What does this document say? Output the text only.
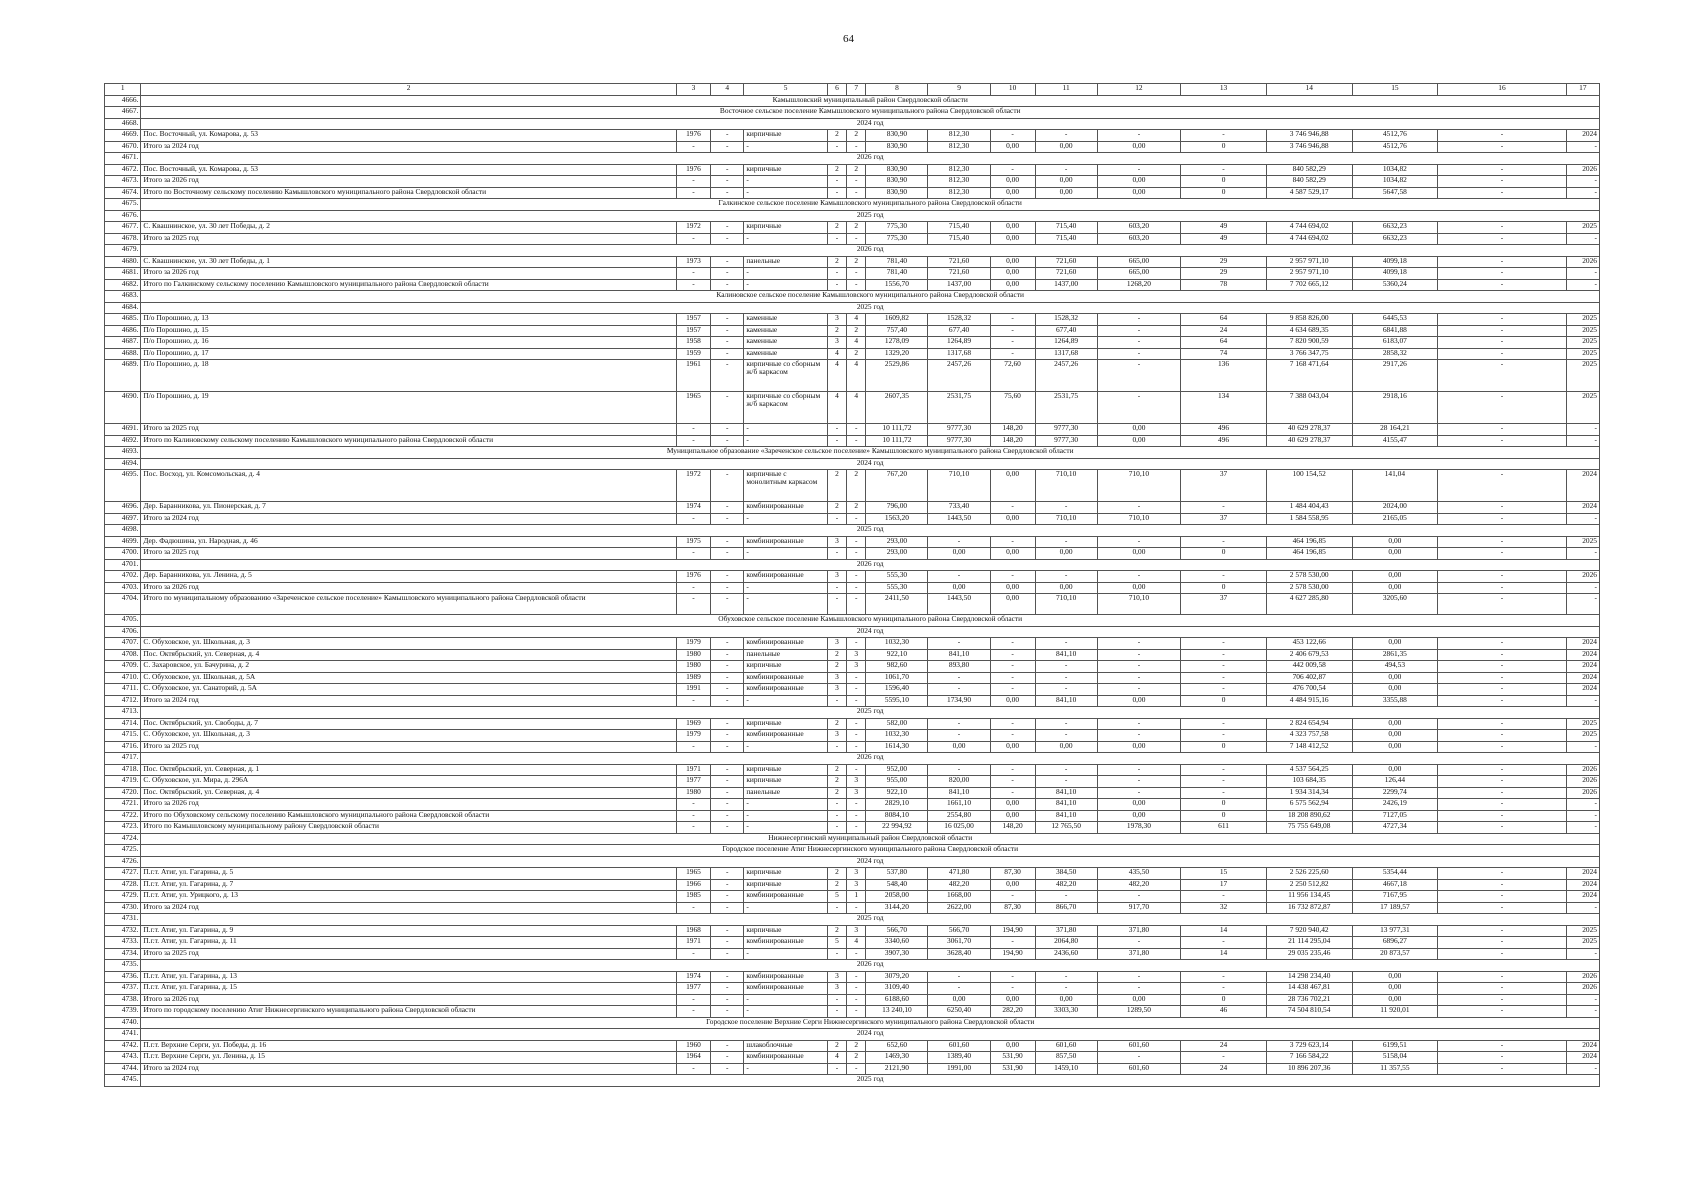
64
1	2	3	4	5	6	7	8	9	10	11	12	13	14	15	16	17
4666.	Камышловский муниципальный район Свердловской области															
4667.	Восточное сельское поселение Камышловского муниципального района Свердловской области															
4668.	2024 год															
4669.	Пос. Восточный, ул. Комарова, д. 53	1976	-	кирпичные	2	2	830,90	812,30	-	-	-	-	3 746 946,88	4512,76	-	2024
4670.	Итого за 2024 год	-	-	-	-	-	830,90	812,30	0,00	0,00	0,00	0	3 746 946,88	4512,76	-	-
4671.	2026 год															
4672.	Пос. Восточный, ул. Комарова, д. 53	1976	-	кирпичные	2	2	830,90	812,30	-	-	-	-	840 582,29	1034,82	-	2026
4673.	Итого за 2026 год	-	-	-	-	-	830,90	812,30	0,00	0,00	0,00	0	840 582,29	1034,82	-	-
4674.	Итого по Восточному сельскому поселению Камышловского муниципального района Свердловской области	-	-	-	-	-	830,90	812,30	0,00	0,00	0,00	0	4 587 529,17	5647,58	-	-
4675.	Галкинское сельское поселение Камышловского муниципального района Свердловской области															
4676.	2025 год															
4677.	С. Квашнинское, ул. 30 лет Победы, д. 2	1972	-	кирпичные	2	2	775,30	715,40	0,00	715,40	603,20	49	4 744 694,02	6632,23	-	2025
4678.	Итого за 2025 год	-	-	-	-	-	775,30	715,40	0,00	715,40	603,20	49	4 744 694,02	6632,23	-	-
4679.	2026 год															
4680.	С. Квашнинское, ул. 30 лет Победы, д. 1	1973	-	панельные	2	2	781,40	721,60	0,00	721,60	665,00	29	2 957 971,10	4099,18	-	2026
4681.	Итого за 2026 год	-	-	-	-	-	781,40	721,60	0,00	721,60	665,00	29	2 957 971,10	4099,18	-	-
4682.	Итого по Галкинскому сельскому поселению Камышловского муниципального района Свердловской области	-	-	-	-	-	1556,70	1437,00	0,00	1437,00	1268,20	78	7 702 665,12	5360,24	-	-
4683.	Калиновское сельское поселение Камышловского муниципального района Свердловской области															
4684.	2025 год															
4685.	П/о Порошино, д. 13	1957	-	каменные	3	4	1609,82	1528,32	-	1528,32	-	64	9 858 826,00	6445,53	-	2025
4686.	П/о Порошино, д. 15	1957	-	каменные	2	2	757,40	677,40	-	677,40	-	24	4 634 689,35	6841,88	-	2025
4687.	П/о Порошино, д. 16	1958	-	каменные	3	4	1278,09	1264,89	-	1264,89	-	64	7 820 900,59	6183,07	-	2025
4688.	П/о Порошино, д. 17	1959	-	каменные	4	2	1329,20	1317,68	-	1317,68	-	74	3 766 347,75	2858,32	-	2025
4689.	П/о Порошино, д. 18	1961	-	кирпичные со сборным ж/б каркасом	4	4	2529,86	2457,26	72,60	2457,26	-	136	7 168 471,64	2917,26	-	2025
4690.	П/о Порошино, д. 19	1965	-	кирпичные со сборным ж/б каркасом	4	4	2607,35	2531,75	75,60	2531,75	-	134	7 388 043,04	2918,16	-	2025
4691.	Итого за 2025 год	-	-	-	-	-	10 111,72	9777,30	148,20	9777,30	0,00	496	40 629 278,37	28 164,21	-	-
4692.	Итого по Калиновскому сельскому поселению Камышловского муниципального района Свердловской области	-	-	-	-	-	10 111,72	9777,30	148,20	9777,30	0,00	496	40 629 278,37	4155,47	-	-
4693.	Муниципальное образование «Зареченское сельское поселение» Камышловского муниципального района Свердловской области															
4694.	2024 год															
4695.	Пос. Восход, ул. Комсомольская, д. 4	1972	-	кирпичные с монолитным каркасом	2	2	767,20	710,10	0,00	710,10	710,10	37	100 154,52	141,04	-	2024
4696.	Дер. Баранникова, ул. Пионерская, д. 7	1974	-	комбинированные	2	2	796,00	733,40	-	-	-	-	1 484 404,43	2024,00	-	2024
4697.	Итого за 2024 год	-	-	-	-	-	1563,20	1443,50	0,00	710,10	710,10	37	1 584 558,95	2165,05	-	-
4698.	2025 год															
4699.	Дер. Фадюшина, ул. Народная, д. 46	1975	-	комбинированные	3	-	293,00	-	-	-	-	-	464 196,85	0,00	-	2025
4700.	Итого за 2025 год	-	-	-	-	-	293,00	0,00	0,00	0,00	0,00	0	464 196,85	0,00	-	-
4701.	2026 год															
4702.	Дер. Баранникова, ул. Ленина, д. 5	1976	-	комбинированные	3	-	555,30	-	-	-	-	-	2 578 530,00	0,00	-	2026
4703.	Итого за 2026 год	-	-	-	-	-	555,30	0,00	0,00	0,00	0,00	0	2 578 530,00	0,00	-	-
4704.	Итого по муниципальному образованию «Зареченское сельское поселение» Камышловского муниципального района Свердловской области	-	-	-	-	-	2411,50	1443,50	0,00	710,10	710,10	37	4 627 285,80	3205,60	-	-
4705.	Обуховское сельское поселение Камышловского муниципального района Свердловской области															
4706.	2024 год															
4707.	С. Обуховское, ул. Школьная, д. 3	1979	-	комбинированные	3	-	1032,30	-	-	-	-	-	453 122,66	0,00	-	2024
4708.	Пос. Октябрьский, ул. Северная, д. 4	1980	-	панельные	2	3	922,10	841,10	-	841,10	-	-	2 406 679,53	2861,35	-	2024
4709.	С. Захаровское, ул. Бачурина, д. 2	1980	-	кирпичные	2	3	982,60	893,80	-	-	-	-	442 009,58	494,53	-	2024
4710.	С. Обуховское, ул. Школьная, д. 5А	1989	-	комбинированные	3	-	1061,70	-	-	-	-	-	706 402,87	0,00	-	2024
4711.	С. Обуховское, ул. Санаторий, д. 5А	1991	-	комбинированные	3	-	1596,40	-	-	-	-	-	476 700,54	0,00	-	2024
4712.	Итого за 2024 год	-	-	-	-	-	5595,10	1734,90	0,00	841,10	0,00	0	4 484 915,16	3355,88	-	-
4713.	2025 год															
4714.	Пос. Октябрьский, ул. Свободы, д. 7	1969	-	кирпичные	2	-	582,00	-	-	-	-	-	2 824 654,94	0,00	-	2025
4715.	С. Обуховское, ул. Школьная, д. 3	1979	-	комбинированные	3	-	1032,30	-	-	-	-	-	4 323 757,58	0,00	-	2025
4716.	Итого за 2025 год	-	-	-	-	-	1614,30	0,00	0,00	0,00	0,00	0	7 148 412,52	0,00	-	-
4717.	2026 год															
4718.	Пос. Октябрьский, ул. Северная, д. 1	1971	-	кирпичные	2	-	952,00	-	-	-	-	-	4 537 564,25	0,00	-	2026
4719.	С. Обуховское, ул. Мира, д. 296А	1977	-	кирпичные	2	3	955,00	820,00	-	-	-	-	103 684,35	126,44	-	2026
4720.	Пос. Октябрьский, ул. Северная, д. 4	1980	-	панельные	2	3	922,10	841,10	-	841,10	-	-	1 934 314,34	2299,74	-	2026
4721.	Итого за 2026 год	-	-	-	-	-	2829,10	1661,10	0,00	841,10	0,00	0	6 575 562,94	2426,19	-	-
4722.	Итого по Обуховскому сельскому поселению Камышловского муниципального района Свердловской области	-	-	-	-	-	8084,10	2554,80	0,00	841,10	0,00	0	18 208 890,62	7127,05	-	-
4723.	Итого по Камышловскому муниципальному району Свердловской области	-	-	-	-	-	22 994,92	16 025,00	148,20	12 765,50	1978,30	611	75 755 649,08	4727,34	-	-
4724.	Нижнесергинский муниципальный район Свердловской области															
4725.	Городское поселение Атиг Нижнесергинского муниципального района Свердловской области															
4726.	2024 год															
4727.	П.г.т. Атиг, ул. Гагарина, д. 5	1965	-	кирпичные	2	3	537,80	471,80	87,30	384,50	435,50	15	2 526 225,60	5354,44	-	2024
4728.	П.г.т. Атиг, ул. Гагарина, д. 7	1966	-	кирпичные	2	3	548,40	482,20	0,00	482,20	482,20	17	2 250 512,82	4667,18	-	2024
4729.	П.г.т. Атиг, ул. Урицкого, д. 13	1985	-	комбинированные	5	1	2058,00	1668,00	-	-	-	-	11 956 134,45	7167,95	-	2024
4730.	Итого за 2024 год	-	-	-	-	-	3144,20	2622,00	87,30	866,70	917,70	32	16 732 872,87	17 189,57	-	-
4731.	2025 год															
4732.	П.г.т. Атиг, ул. Гагарина, д. 9	1968	-	кирпичные	2	3	566,70	566,70	194,90	371,80	371,80	14	7 920 940,42	13 977,31	-	2025
4733.	П.г.т. Атиг, ул. Гагарина, д. 11	1971	-	комбинированные	5	4	3340,60	3061,70	-	2064,80	-	-	21 114 295,04	6896,27	-	2025
4734.	Итого за 2025 год	-	-	-	-	-	3907,30	3628,40	194,90	2436,60	371,80	14	29 035 235,46	20 873,57	-	-
4735.	2026 год															
4736.	П.г.т. Атиг, ул. Гагарина, д. 13	1974	-	комбинированные	3	-	3079,20	-	-	-	-	-	14 298 234,40	0,00	-	2026
4737.	П.г.т. Атиг, ул. Гагарина, д. 15	1977	-	комбинированные	3	-	3109,40	-	-	-	-	-	14 438 467,81	0,00	-	2026
4738.	Итого за 2026 год	-	-	-	-	-	6188,60	0,00	0,00	0,00	0,00	0	28 736 702,21	0,00	-	-
4739.	Итого по городскому поселению Атиг Нижнесергинского муниципального района Свердловской области	-	-	-	-	-	13 240,10	6250,40	282,20	3303,30	1289,50	46	74 504 810,54	11 920,01	-	-
4740.	Городское поселение Верхние Серги Нижнесергинского муниципального района Свердловской области															
4741.	2024 год															
4742.	П.г.т. Верхние Серги, ул. Победы, д. 16	1960	-	шлакоблочные	2	2	652,60	601,60	0,00	601,60	601,60	24	3 729 623,14	6199,51	-	2024
4743.	П.г.т. Верхние Серги, ул. Ленина, д. 15	1964	-	комбинированные	4	2	1469,30	1389,40	531,90	857,50	-	-	7 166 584,22	5158,04	-	2024
4744.	Итого за 2024 год	-	-	-	-	-	2121,90	1991,00	531,90	1459,10	601,60	24	10 896 207,36	11 357,55	-	-
4745.	2025 год															
